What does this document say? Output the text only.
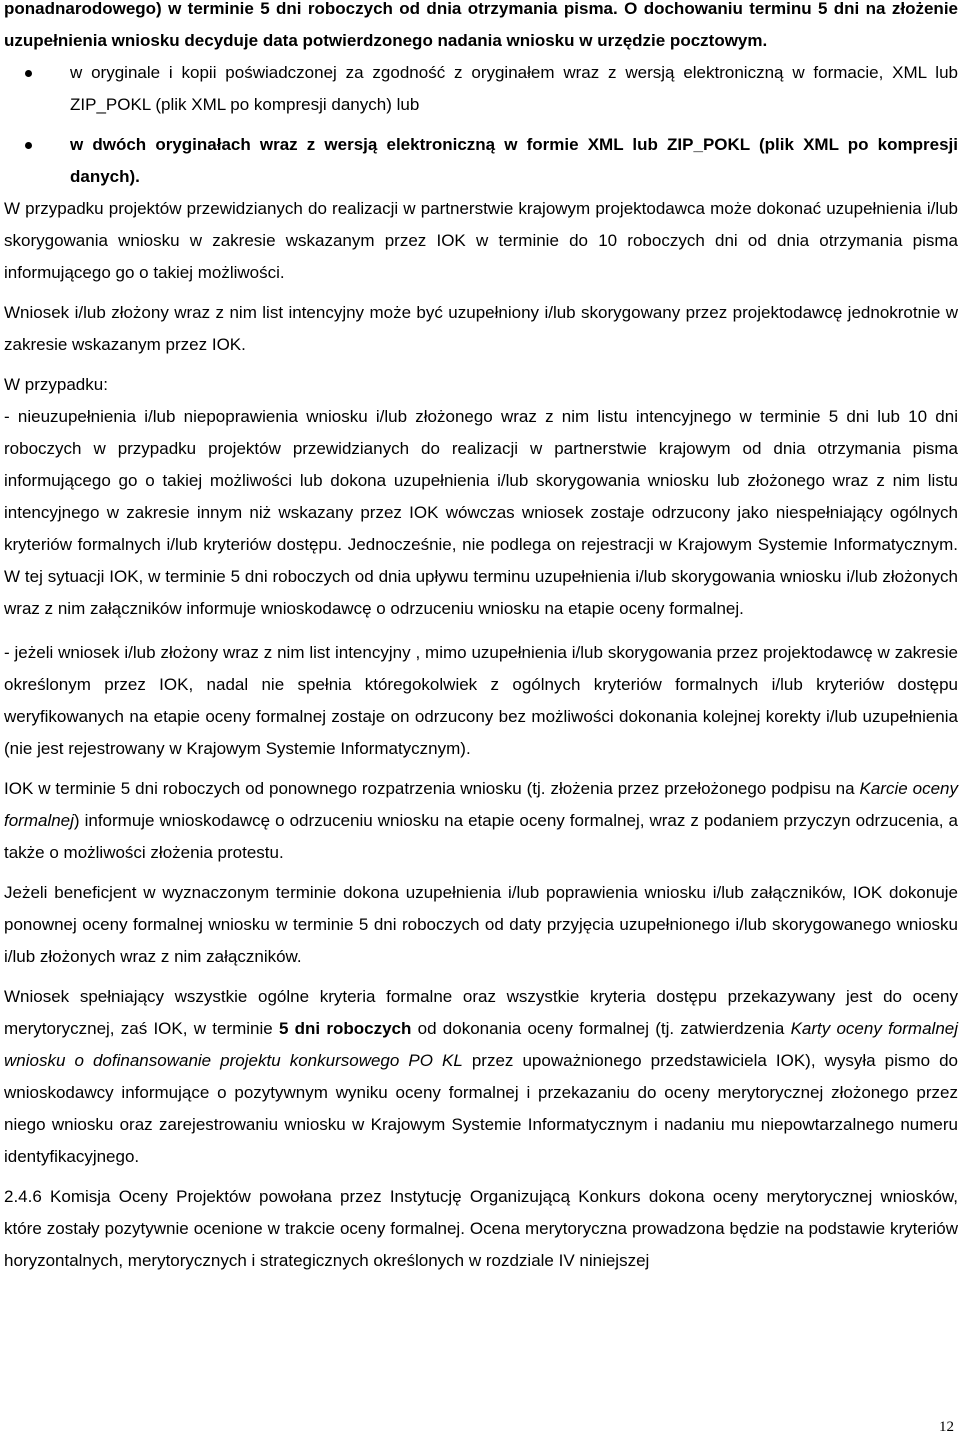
ponadnarodowego) w terminie 5 dni roboczych od dnia otrzymania pisma. O dochowaniu terminu 5 dni na złożenie uzupełnienia wniosku decyduje data potwierdzonego nadania wniosku w urzędzie pocztowym.

w oryginale i kopii poświadczonej za zgodność z oryginałem wraz z wersją elektroniczną w formacie, XML lub ZIP_POKL (plik XML po kompresji danych) lub
w dwóch oryginałach wraz z wersją elektroniczną w formie XML lub ZIP_POKL (plik XML po kompresji danych).

W przypadku projektów przewidzianych do realizacji w partnerstwie krajowym projektodawca może dokonać uzupełnienia i/lub skorygowania wniosku w zakresie wskazanym przez IOK w terminie do 10 roboczych dni od dnia otrzymania pisma informującego go o takiej możliwości.

Wniosek i/lub złożony wraz z nim list intencyjny może być uzupełniony i/lub skorygowany przez projektodawcę jednokrotnie w zakresie wskazanym przez IOK.

W przypadku:

- nieuzupełnienia i/lub niepoprawienia wniosku i/lub złożonego wraz z nim listu intencyjnego w terminie 5 dni lub 10 dni roboczych w przypadku projektów przewidzianych do realizacji w partnerstwie krajowym od dnia otrzymania pisma informującego go o takiej możliwości lub dokona uzupełnienia i/lub skorygowania wniosku lub złożonego wraz z nim listu intencyjnego w zakresie innym niż wskazany przez IOK wówczas wniosek zostaje odrzucony jako niespełniający ogólnych kryteriów formalnych i/lub kryteriów dostępu. Jednocześnie, nie podlega on rejestracji w Krajowym Systemie Informatycznym. W tej sytuacji IOK, w terminie 5 dni roboczych od dnia upływu terminu uzupełnienia i/lub skorygowania wniosku i/lub złożonych wraz z nim załączników informuje wnioskodawcę o odrzuceniu wniosku na etapie oceny formalnej.

- jeżeli wniosek i/lub złożony wraz z nim list intencyjny , mimo uzupełnienia i/lub skorygowania przez projektodawcę w zakresie określonym przez IOK, nadal nie spełnia któregokolwiek z ogólnych kryteriów formalnych i/lub kryteriów dostępu weryfikowanych na etapie oceny formalnej zostaje on odrzucony bez możliwości dokonania kolejnej korekty i/lub uzupełnienia (nie jest rejestrowany w Krajowym Systemie Informatycznym).

IOK w terminie 5 dni roboczych od ponownego rozpatrzenia wniosku (tj. złożenia przez przełożonego podpisu na Karcie oceny formalnej) informuje wnioskodawcę o odrzuceniu wniosku na etapie oceny formalnej, wraz z podaniem przyczyn odrzucenia, a także o możliwości złożenia protestu.

Jeżeli beneficjent w wyznaczonym terminie dokona uzupełnienia i/lub poprawienia wniosku i/lub załączników, IOK dokonuje ponownej oceny formalnej wniosku w terminie 5 dni roboczych od daty przyjęcia uzupełnionego i/lub skorygowanego wniosku i/lub złożonych wraz z nim załączników.

Wniosek spełniający wszystkie ogólne kryteria formalne oraz wszystkie kryteria dostępu przekazywany jest do oceny merytorycznej, zaś IOK, w terminie 5 dni roboczych od dokonania oceny formalnej (tj. zatwierdzenia Karty oceny formalnej wniosku o dofinansowanie projektu konkursowego PO KL przez upoważnionego przedstawiciela IOK), wysyła pismo do wnioskodawcy informujące o pozytywnym wyniku oceny formalnej i przekazaniu do oceny merytorycznej złożonego przez niego wniosku oraz zarejestrowaniu wniosku w Krajowym Systemie Informatycznym i nadaniu mu niepowtarzalnego numeru identyfikacyjnego.

2.4.6 Komisja Oceny Projektów powołana przez Instytucję Organizującą Konkurs dokona oceny merytorycznej wniosków, które zostały pozytywnie ocenione w trakcie oceny formalnej. Ocena merytoryczna prowadzona będzie na podstawie kryteriów horyzontalnych, merytorycznych i strategicznych określonych w rozdziale IV niniejszej

12
